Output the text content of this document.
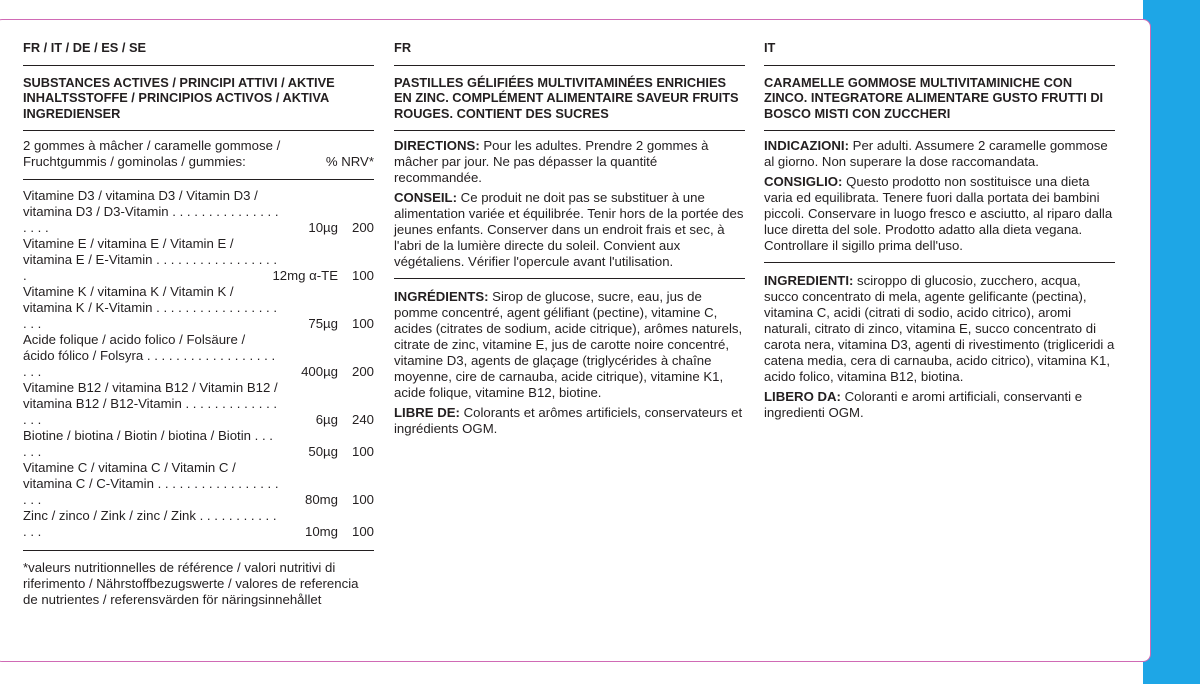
FR / IT / DE / ES / SE
SUBSTANCES ACTIVES / PRINCIPI ATTIVI / AKTIVE INHALTSSTOFFE / PRINCIPIOS ACTIVOS / AKTIVA INGREDIENSER
2 gommes à mâcher / caramelle gommose /
Fruchtgummis / gominolas / gummies:	% NRV*
Vitamine D3 / vitamina D3 / Vitamin D3 /
vitamina D3 / D3-Vitamin . . . . . . . . . . . . . . . . . . .	10µg	200
Vitamine E / vitamina E / Vitamin E /
vitamina E / E-Vitamin . . . . . . . . . . . . . . . . . .	12mg α-TE	100
Vitamine K / vitamina K / Vitamin K /
vitamina K / K-Vitamin . . . . . . . . . . . . . . . . . . . .	75µg	100
Acide folique / acido folico / Folsäure /
ácido fólico / Folsyra . . . . . . . . . . . . . . . . . . . . .	400µg	200
Vitamine B12 / vitamina B12 / Vitamin B12 /
vitamina B12 / B12-Vitamin . . . . . . . . . . . . . . . .	6µg	240
Biotine / biotina / Biotin / biotina / Biotin . . . . . .	50µg	100
Vitamine C / vitamina C / Vitamin C /
vitamina C / C-Vitamin . . . . . . . . . . . . . . . . . . . .	80mg	100
Zinc / zinco / Zink / zinc / Zink . . . . . . . . . . . . . .	10mg	100
*valeurs nutritionnelles de référence / valori nutritivi di riferimento / Nährstoffbezugswerte / valores de referencia de nutrientes / referensvärden för näringsinnehållet
FR
PASTILLES GÉLIFIÉES MULTIVITAMINÉES ENRICHIES EN ZINC. COMPLÉMENT ALIMENTAIRE SAVEUR FRUITS ROUGES. CONTIENT DES SUCRES
DIRECTIONS: Pour les adultes. Prendre 2 gommes à mâcher par jour. Ne pas dépasser la quantité recommandée.
CONSEIL: Ce produit ne doit pas se substituer à une alimentation variée et équilibrée. Tenir hors de la portée des jeunes enfants. Conserver dans un endroit frais et sec, à l'abri de la lumière directe du soleil. Convient aux végétaliens. Vérifier l'opercule avant l'utilisation.
INGRÉDIENTS: Sirop de glucose, sucre, eau, jus de pomme concentré, agent gélifiant (pectine), vitamine C, acides (citrates de sodium, acide citrique), arômes naturels, citrate de zinc, vitamine E, jus de carotte noire concentré, vitamine D3, agents de glaçage (triglycérides à chaîne moyenne, cire de carnauba, acide citrique), vitamine K1, acide folique, vitamine B12, biotine.
LIBRE DE: Colorants et arômes artificiels, conservateurs et ingrédients OGM.
IT
CARAMELLE GOMMOSE MULTIVITAMINICHE CON ZINCO. INTEGRATORE ALIMENTARE GUSTO FRUTTI DI BOSCO MISTI CON ZUCCHERI
INDICAZIONI: Per adulti. Assumere 2 caramelle gommose al giorno. Non superare la dose raccomandata.
CONSIGLIO: Questo prodotto non sostituisce una dieta varia ed equilibrata. Tenere fuori dalla portata dei bambini piccoli. Conservare in luogo fresco e asciutto, al riparo dalla luce diretta del sole. Prodotto adatto alla dieta vegana. Controllare il sigillo prima dell'uso.
INGREDIENTI: sciroppo di glucosio, zucchero, acqua, succo concentrato di mela, agente gelificante (pectina), vitamina C, acidi (citrati di sodio, acido citrico), aromi naturali, citrato di zinco, vitamina E, succo concentrato di carota nera, vitamina D3, agenti di rivestimento (trigliceridi a catena media, cera di carnauba, acido citrico), vitamina K1, acido folico, vitamina B12, biotina.
LIBERO DA: Coloranti e aromi artificiali, conservanti e ingredienti OGM.
